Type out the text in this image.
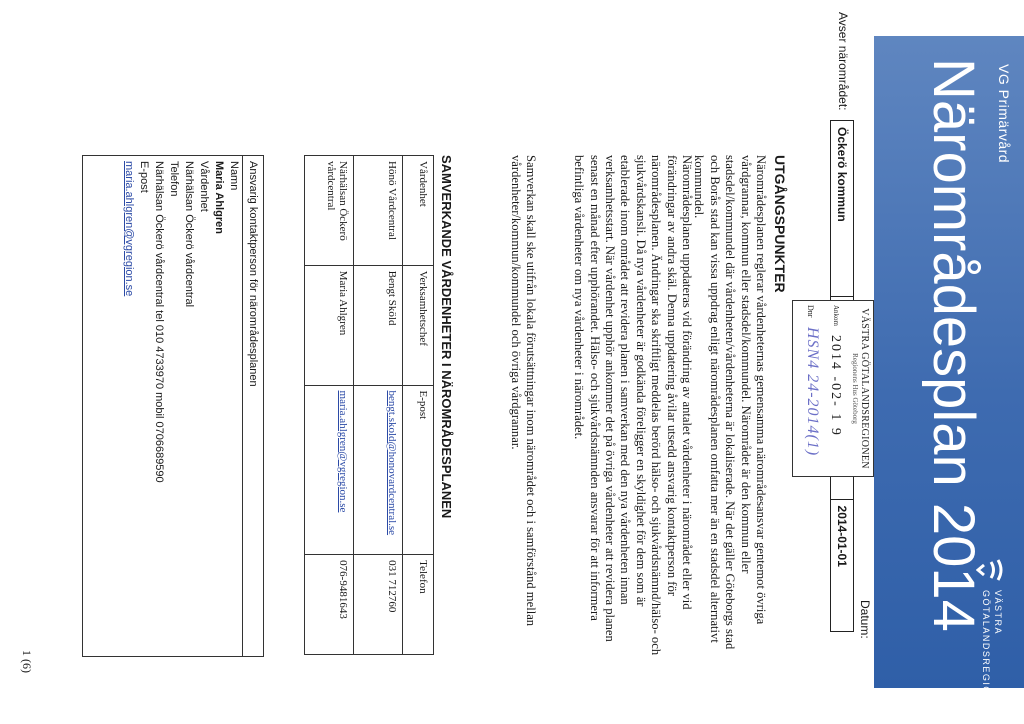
VG Primärvård
Närområdesplan 2014 VÄSTRA
GÖTALANDSREGIONEN
Datum:
Avser närområdet:
Öckerö kommun
2014-01-01
VÄSTRA GÖTALANDSREGIONEN
Regionens Hus Göteborg
Ankom
2014 -02- 1 9
Dnr
HSN4 24-2014(1)
UTGÅNGSPUNKTER

Närområdesplanen reglerar vårdenheternas gemensamma närområdesansvar gentemot övriga vårdgrannar, kommun eller stadsdel/kommundel. Närområdet är den kommun eller stadsdel/kommundel där vårdenheten/vårdenheterna är lokaliserade. När det gäller Göteborgs stad och Borås stad kan vissa uppdrag enligt närområdesplanen omfatta mer än en stadsdel alternativt kommundel.

Närområdesplanen uppdateras vid förändring av antalet vårdenheter i närområdet eller vid förändringar av andra skäl. Denna uppdatering åvilar utsedd ansvarig kontaktperson för närområdesplanen. Ändringar ska skriftligt meddelas berörd hälso- och sjukvårdsnämnd/hälso- och sjukvårdskansli. Då nya vårdenheter är godkända föreligger en skyldighet för dem som är etablerade inom området att revidera planen i samverkan med den nya vårdenheten innan verksamhetsstart. När vårdenhet upphör ankommer det på övriga vårdenheter att revidera planen senast en månad efter upphörandet. Hälso- och sjukvårdsnämnden ansvarar för att informera befintliga vårdenheter om nya vårdenheter i närområdet.

Samverkan skall ske utifrån lokala förutsättningar inom närområdet och i samförstånd mellan vårdenheter/kommun/kommundel och övriga vårdgrannar.

SAMVERKANDE VÅRDENHETER I NÄROMRÅDESPLANEN
Vårdenhet	Verksamhetschef	E-post	Telefon
Hönö Vårdcentral	Bengt Sköld	bengt.skold@honovardcentral.se	031 712760
Närhälsan Öckerö vårdcentral	Maria Ahlgren	maria.ahlgren@vgregion.se	076-9481643
Ansvarig kontaktperson för närområdesplanen
Namn
Maria Ahlgren
Vårdenhet
Närhälsan Öckerö vårdcentral
Telefon
Närhälsan Öckerö vårdcentral tel 010 4733970 mobil 0706689590
E-post
maria.ahlgren@vgregion.se
1 (6)
